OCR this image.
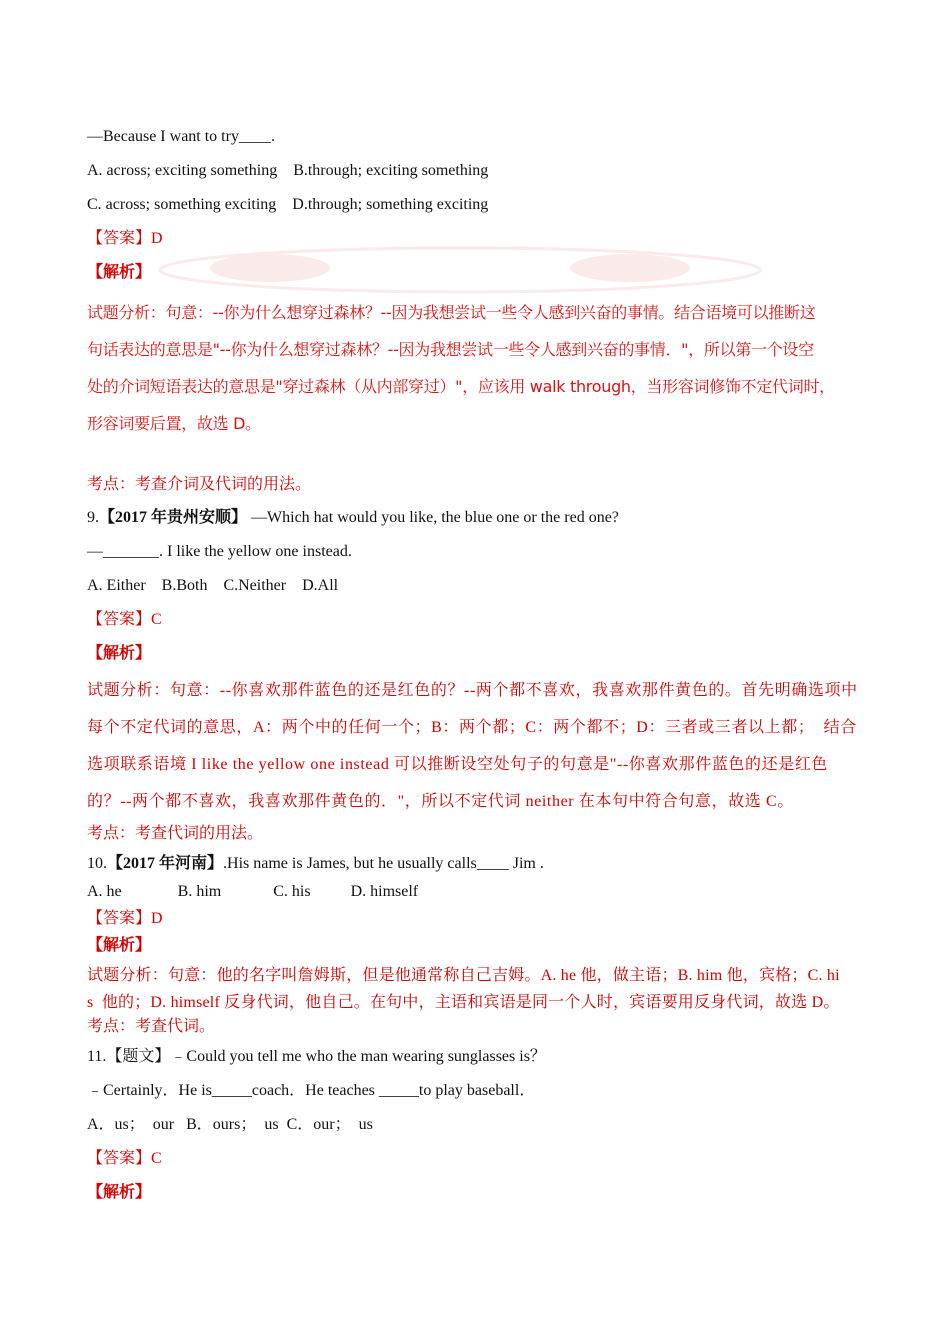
—Because I want to try____.
A. across; exciting something    B.through; exciting something
C. across; something exciting    D.through; something exciting
【答案】D
【解析】
试题分析：句意：--你为什么想穿过森林？--因为我想尝试一些令人感到兴奋的事情。结合语境可以推断这
句话表达的意思是"--你为什么想穿过森林？--因为我想尝试一些令人感到兴奋的事情．"，所以第一个设空
处的介词短语表达的意思是"穿过森林（从内部穿过）"，应该用 walk through，当形容词修饰不定代词时，
形容词要后置，故选 D。
考点：考查介词及代词的用法。
9.【2017 年贵州安顺】 —Which hat would you like, the blue one or the red one?
—_______. I like the yellow one instead.
A. Either    B.Both    C.Neither    D.All
【答案】C
【解析】
试题分析：句意：--你喜欢那件蓝色的还是红色的？--两个都不喜欢，我喜欢那件黄色的。首先明确选项中
每个不定代词的意思，A：两个中的任何一个；B：两个都；C：两个都不；D：三者或三者以上都；  结合
选项联系语境 I like the yellow one instead 可以推断设空处句子的句意是"--你喜欢那件蓝色的还是红色
的？--两个都不喜欢，我喜欢那件黄色的．"，所以不定代词 neither 在本句中符合句意，故选 C。
考点：考查代词的用法。
10.【2017 年河南】.His name is James, but he usually calls____ Jim .
A. he              B. him             C. his          D. himself
【答案】D
【解析】
试题分析：句意：他的名字叫詹姆斯，但是他通常称自己吉姆。A. he 他，做主语；B. him 他，宾格；C. hi
s  他的；D. himself 反身代词，他自己。在句中，主语和宾语是同一个人时，宾语要用反身代词，故选 D。
考点：考查代词。
11.【题文】﹣Could you tell me who the man wearing sunglasses is？
﹣Certainly．He is_____coach．He teaches _____to play baseball．
A．us；  our   B．ours；  us  C．our；  us
【答案】C
【解析】
